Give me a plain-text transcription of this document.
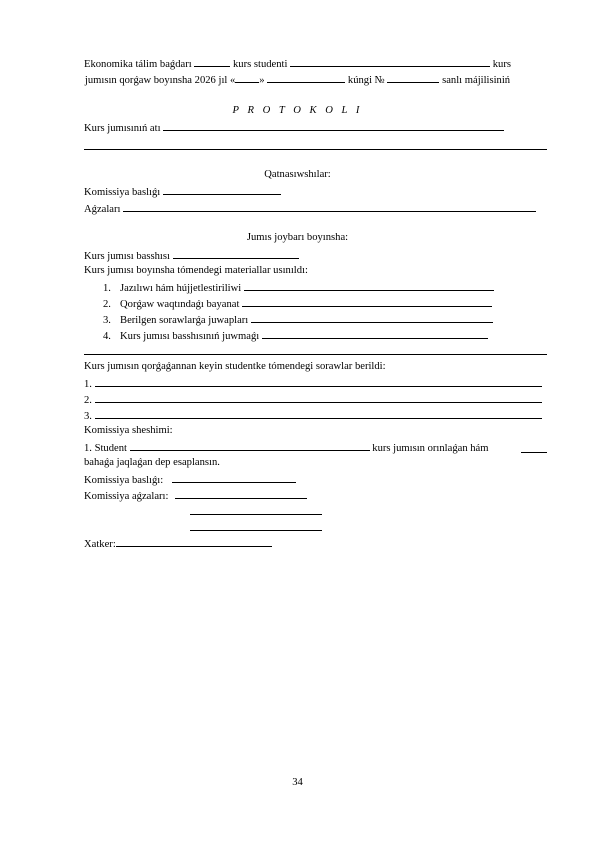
Ekonomika tálim baǵdarı	kurs studenti	kurs
jumısın qorǵaw boyınsha 2026 jıl « »	kúngi №	sanlı májilisiniń
P R O T O K O L I
Kurs jumısınıń atı
Qatnasıwshılar:
Komissiya baslıǵı
Aǵzaları
Jumıs joybarı boyınsha:
Kurs jumısı basshısı
Kurs jumısı boyınsha tómendegi materiallar usınıldı:
1. Jazılıwı hám hújjetlestiriliwi
2. Qorǵaw waqtındaǵı bayanat
3. Berilgen sorawlarǵa juwapları
4. Kurs jumısı basshısınıń juwmaǵı
Kurs jumısın qorǵaǵannan keyin studentke tómendegi sorawlar berildi:
1.
2.
3.
Komissiya sheshimi:
1. Student	kurs jumısın orınlaǵan hám
bahaǵa jaqlaǵan dep esaplansın.
Komissiya baslıǵı:
Komissiya aǵzaları:
Xatker:
34
